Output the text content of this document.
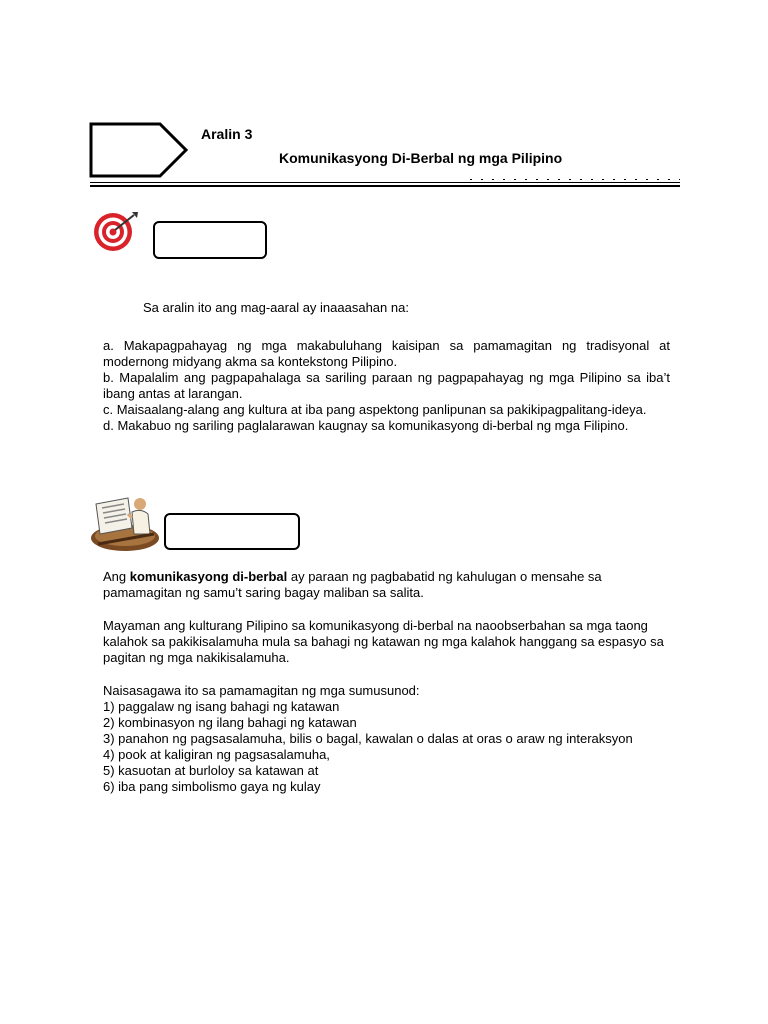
Aralin 3
Komunikasyong Di-Berbal ng mga Pilipino
Sa aralin ito ang mag-aaral ay inaaasahan na:

a. Makapagpahayag ng mga makabuluhang kaisipan sa pamamagitan ng tradisyonal at modernong midyang akma sa kontekstong Pilipino.

b. Mapalalim ang pagpapahalaga sa sariling paraan ng pagpapahayag ng mga Pilipino sa iba’t ibang antas at larangan.

c. Maisaalang-alang ang kultura at iba pang aspektong panlipunan sa pakikipagpalitang-ideya.

d. Makabuo ng sariling paglalarawan kaugnay sa komunikasyong di-berbal ng mga Filipino.

Ang komunikasyong di-berbal ay paraan ng pagbabatid ng kahulugan o mensahe sa pamamagitan ng samu’t saring bagay maliban sa salita.
Mayaman ang kulturang Pilipino sa komunikasyong di-berbal na naoobserbahan sa mga taong kalahok sa pakikisalamuha mula sa bahagi ng katawan ng mga kalahok hanggang sa espasyo sa pagitan ng mga nakikisalamuha.

Naisasagawa ito sa pamamagitan ng mga sumusunod:

1) paggalaw ng isang bahagi ng katawan

2) kombinasyon ng ilang bahagi ng katawan

3) panahon ng pagsasalamuha, bilis o bagal, kawalan o dalas at oras o araw ng interaksyon

4) pook at kaligiran ng pagsasalamuha,

5) kasuotan at burloloy sa katawan at

6) iba pang simbolismo gaya ng kulay
